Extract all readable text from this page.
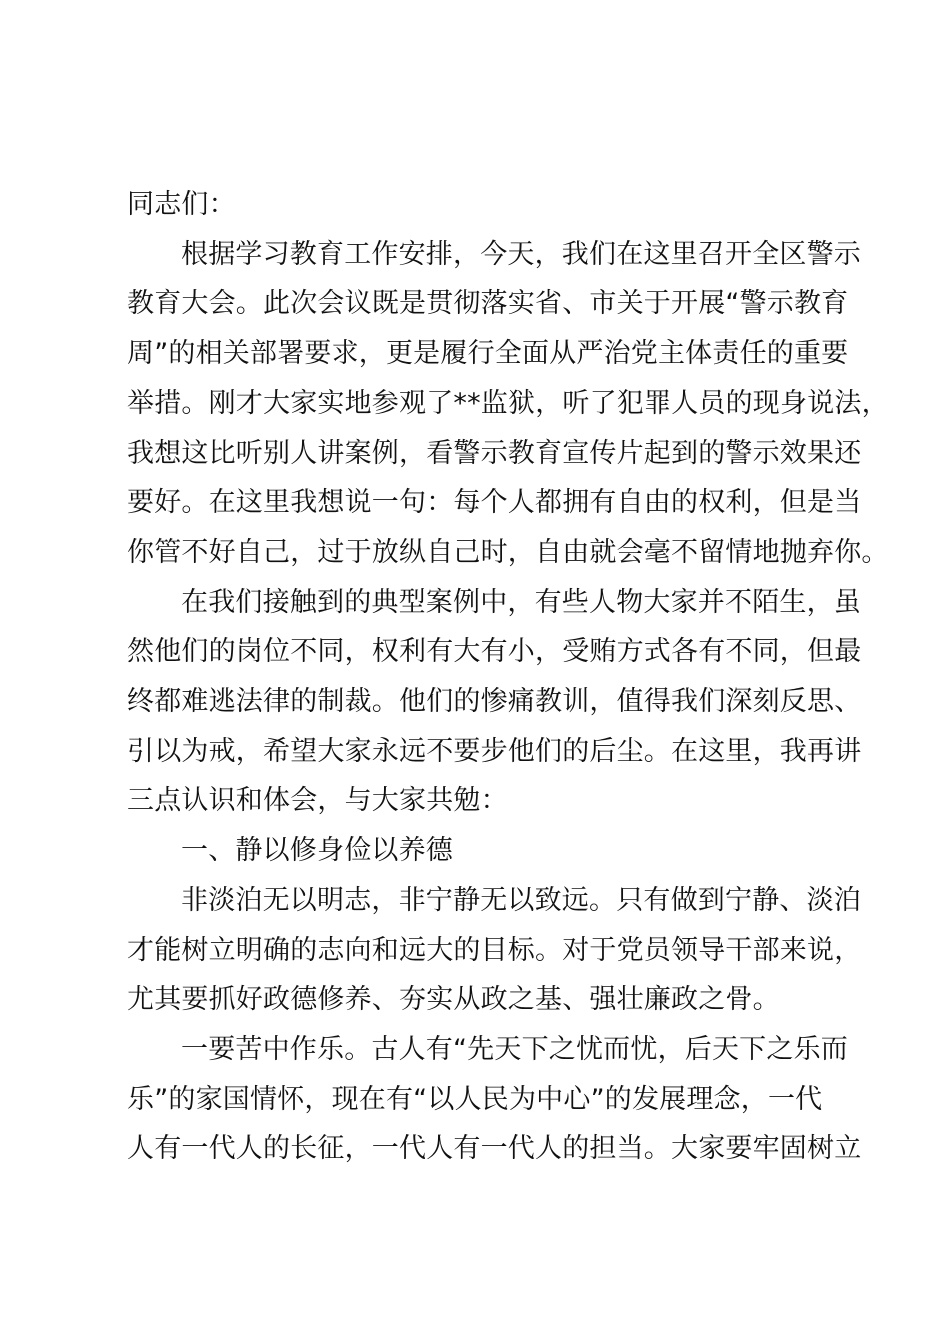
同志们：
根据学习教育工作安排，今天，我们在这里召开全区警示
教育大会。此次会议既是贯彻落实省、市关于开展“警示教育
周”的相关部署要求，更是履行全面从严治党主体责任的重要
举措。刚才大家实地参观了**监狱，听了犯罪人员的现身说法，
我想这比听别人讲案例，看警示教育宣传片起到的警示效果还
要好。在这里我想说一句：每个人都拥有自由的权利，但是当
你管不好自己，过于放纵自己时，自由就会毫不留情地抛弃你。
在我们接触到的典型案例中，有些人物大家并不陌生，虽
然他们的岗位不同，权利有大有小，受贿方式各有不同，但最
终都难逃法律的制裁。他们的惨痛教训，值得我们深刻反思、
引以为戒，希望大家永远不要步他们的后尘。在这里，我再讲
三点认识和体会，与大家共勉：
一、静以修身俭以养德
非淡泊无以明志，非宁静无以致远。只有做到宁静、淡泊
才能树立明确的志向和远大的目标。对于党员领导干部来说，
尤其要抓好政德修养、夯实从政之基、强壮廉政之骨。
一要苦中作乐。古人有“先天下之忧而忧，后天下之乐而
乐”的家国情怀，现在有“以人民为中心”的发展理念，一代
人有一代人的长征，一代人有一代人的担当。大家要牢固树立
